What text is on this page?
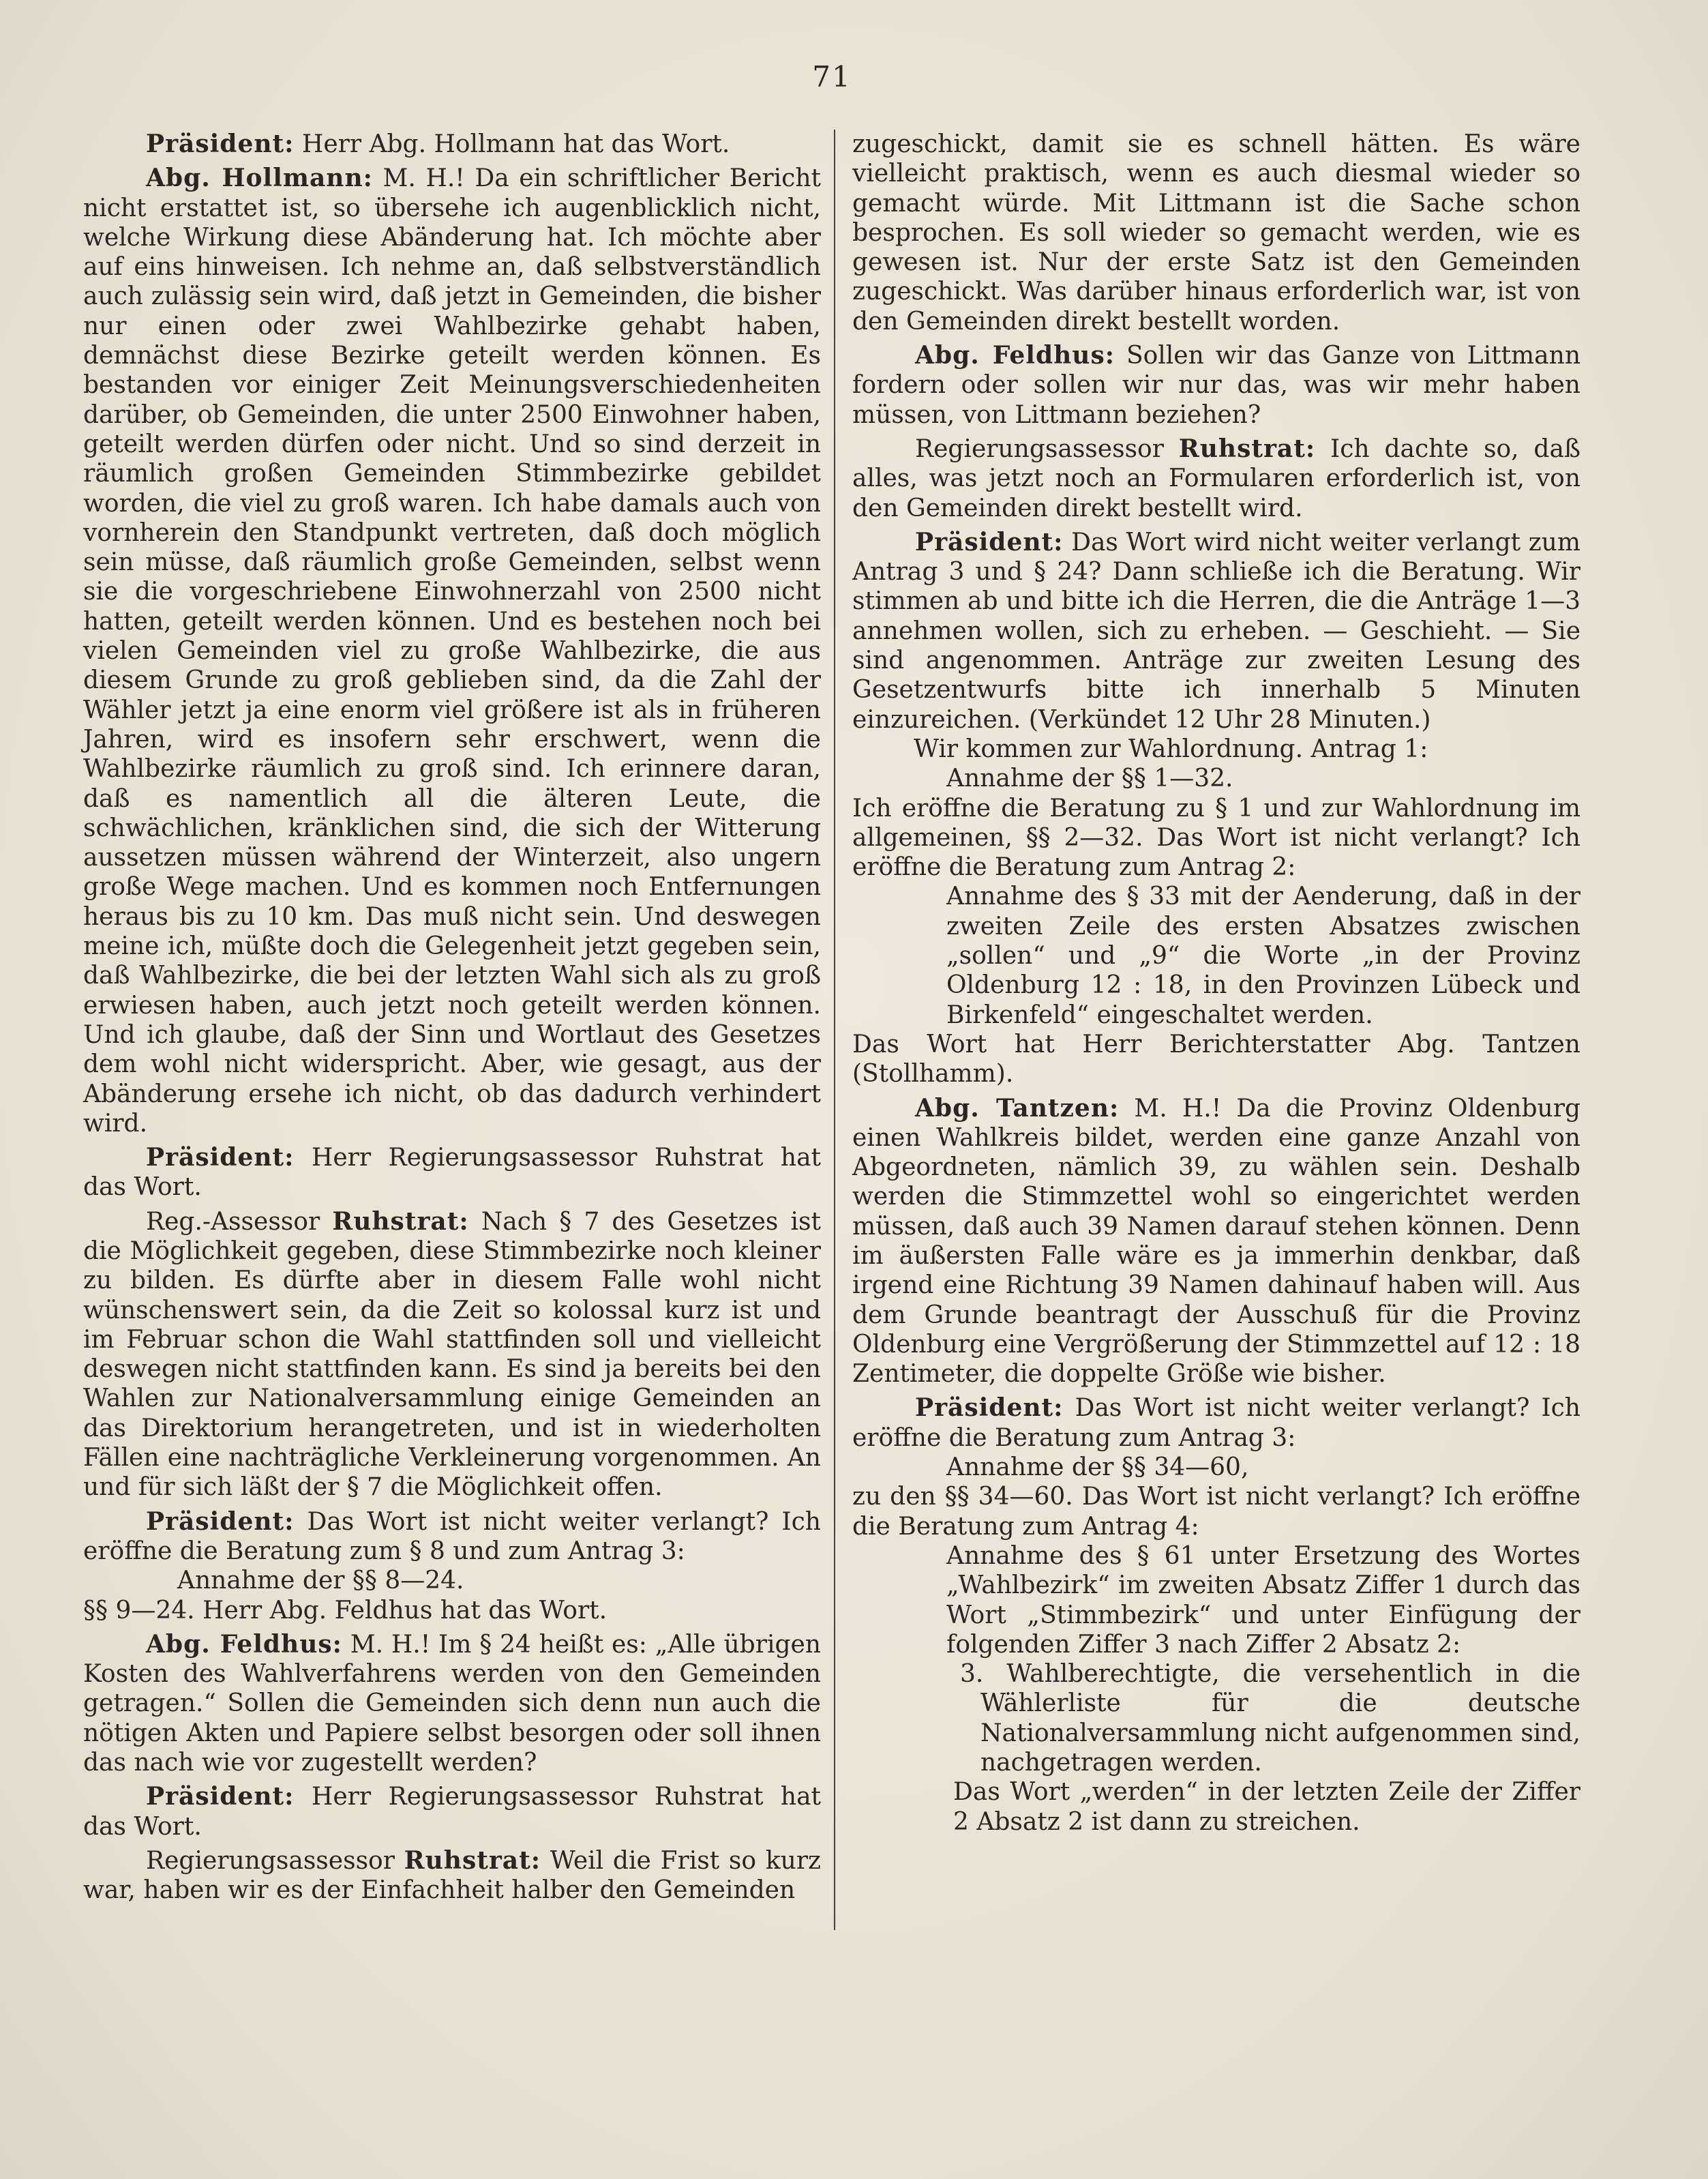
71

Präsident: Herr Abg. Hollmann hat das Wort.

Abg. Hollmann: M. H.! Da ein schriftlicher Bericht nicht erstattet ist, so übersehe ich augenblicklich nicht, welche Wirkung diese Abänderung hat. Ich möchte aber auf eins hinweisen. Ich nehme an, daß selbstverständlich auch zulässig sein wird, daß jetzt in Gemeinden, die bisher nur einen oder zwei Wahlbezirke gehabt haben, demnächst diese Bezirke geteilt werden können. Es bestanden vor einiger Zeit Meinungsverschiedenheiten darüber, ob Gemeinden, die unter 2500 Einwohner haben, geteilt werden dürfen oder nicht. Und so sind derzeit in räumlich großen Gemeinden Stimmbezirke gebildet worden, die viel zu groß waren. Ich habe damals auch von vornherein den Standpunkt vertreten, daß doch möglich sein müsse, daß räumlich große Gemeinden, selbst wenn sie die vorgeschriebene Einwohnerzahl von 2500 nicht hatten, geteilt werden können. Und es bestehen noch bei vielen Gemeinden viel zu große Wahlbezirke, die aus diesem Grunde zu groß geblieben sind, da die Zahl der Wähler jetzt ja eine enorm viel größere ist als in früheren Jahren, wird es insofern sehr erschwert, wenn die Wahlbezirke räumlich zu groß sind. Ich erinnere daran, daß es namentlich all die älteren Leute, die schwächlichen, kränklichen sind, die sich der Witterung aussetzen müssen während der Winterzeit, also ungern große Wege machen. Und es kommen noch Entfernungen heraus bis zu 10 km. Das muß nicht sein. Und deswegen meine ich, müßte doch die Gelegenheit jetzt gegeben sein, daß Wahlbezirke, die bei der letzten Wahl sich als zu groß erwiesen haben, auch jetzt noch geteilt werden können. Und ich glaube, daß der Sinn und Wortlaut des Gesetzes dem wohl nicht widerspricht. Aber, wie gesagt, aus der Abänderung ersehe ich nicht, ob das dadurch verhindert wird.

Präsident: Herr Regierungsassessor Ruhstrat hat das Wort.

Reg.-Assessor Ruhstrat: Nach § 7 des Gesetzes ist die Möglichkeit gegeben, diese Stimmbezirke noch kleiner zu bilden. Es dürfte aber in diesem Falle wohl nicht wünschenswert sein, da die Zeit so kolossal kurz ist und im Februar schon die Wahl stattfinden soll und vielleicht deswegen nicht stattfinden kann. Es sind ja bereits bei den Wahlen zur Nationalversammlung einige Gemeinden an das Direktorium herangetreten, und ist in wiederholten Fällen eine nachträgliche Verkleinerung vorgenommen. An und für sich läßt der § 7 die Möglichkeit offen.

Präsident: Das Wort ist nicht weiter verlangt? Ich eröffne die Beratung zum § 8 und zum Antrag 3:

Annahme der §§ 8—24.

§§ 9—24. Herr Abg. Feldhus hat das Wort.

Abg. Feldhus: M. H.! Im § 24 heißt es: „Alle übrigen Kosten des Wahlverfahrens werden von den Gemeinden getragen.“ Sollen die Gemeinden sich denn nun auch die nötigen Akten und Papiere selbst besorgen oder soll ihnen das nach wie vor zugestellt werden?

Präsident: Herr Regierungsassessor Ruhstrat hat das Wort.

Regierungsassessor Ruhstrat: Weil die Frist so kurz war, haben wir es der Einfachheit halber den Gemeinden

zugeschickt, damit sie es schnell hätten. Es wäre vielleicht praktisch, wenn es auch diesmal wieder so gemacht würde. Mit Littmann ist die Sache schon besprochen. Es soll wieder so gemacht werden, wie es gewesen ist. Nur der erste Satz ist den Gemeinden zugeschickt. Was darüber hinaus erforderlich war, ist von den Gemeinden direkt bestellt worden.

Abg. Feldhus: Sollen wir das Ganze von Littmann fordern oder sollen wir nur das, was wir mehr haben müssen, von Littmann beziehen?

Regierungsassessor Ruhstrat: Ich dachte so, daß alles, was jetzt noch an Formularen erforderlich ist, von den Gemeinden direkt bestellt wird.

Präsident: Das Wort wird nicht weiter verlangt zum Antrag 3 und § 24? Dann schließe ich die Beratung. Wir stimmen ab und bitte ich die Herren, die die Anträge 1—3 annehmen wollen, sich zu erheben. — Geschieht. — Sie sind angenommen. Anträge zur zweiten Lesung des Gesetzentwurfs bitte ich innerhalb 5 Minuten einzureichen. (Verkündet 12 Uhr 28 Minuten.)

Wir kommen zur Wahlordnung. Antrag 1:

Annahme der §§ 1—32.

Ich eröffne die Beratung zu § 1 und zur Wahlordnung im allgemeinen, §§ 2—32. Das Wort ist nicht verlangt? Ich eröffne die Beratung zum Antrag 2:

Annahme des § 33 mit der Aenderung, daß in der zweiten Zeile des ersten Absatzes zwischen „sollen“ und „9“ die Worte „in der Provinz Oldenburg 12 : 18, in den Provinzen Lübeck und Birkenfeld“ eingeschaltet werden.

Das Wort hat Herr Berichterstatter Abg. Tantzen (Stollhamm).

Abg. Tantzen: M. H.! Da die Provinz Oldenburg einen Wahlkreis bildet, werden eine ganze Anzahl von Abgeordneten, nämlich 39, zu wählen sein. Deshalb werden die Stimmzettel wohl so eingerichtet werden müssen, daß auch 39 Namen darauf stehen können. Denn im äußersten Falle wäre es ja immerhin denkbar, daß irgend eine Richtung 39 Namen dahinauf haben will. Aus dem Grunde beantragt der Ausschuß für die Provinz Oldenburg eine Vergrößerung der Stimmzettel auf 12 : 18 Zentimeter, die doppelte Größe wie bisher.

Präsident: Das Wort ist nicht weiter verlangt? Ich eröffne die Beratung zum Antrag 3:

Annahme der §§ 34—60,

zu den §§ 34—60. Das Wort ist nicht verlangt? Ich eröffne die Beratung zum Antrag 4:

Annahme des § 61 unter Ersetzung des Wortes „Wahlbezirk“ im zweiten Absatz Ziffer 1 durch das Wort „Stimmbezirk“ und unter Einfügung der folgenden Ziffer 3 nach Ziffer 2 Absatz 2:

3. Wahlberechtigte, die versehentlich in die Wählerliste für die deutsche Nationalversammlung nicht aufgenommen sind, nachgetragen werden.

Das Wort „werden“ in der letzten Zeile der Ziffer 2 Absatz 2 ist dann zu streichen.
